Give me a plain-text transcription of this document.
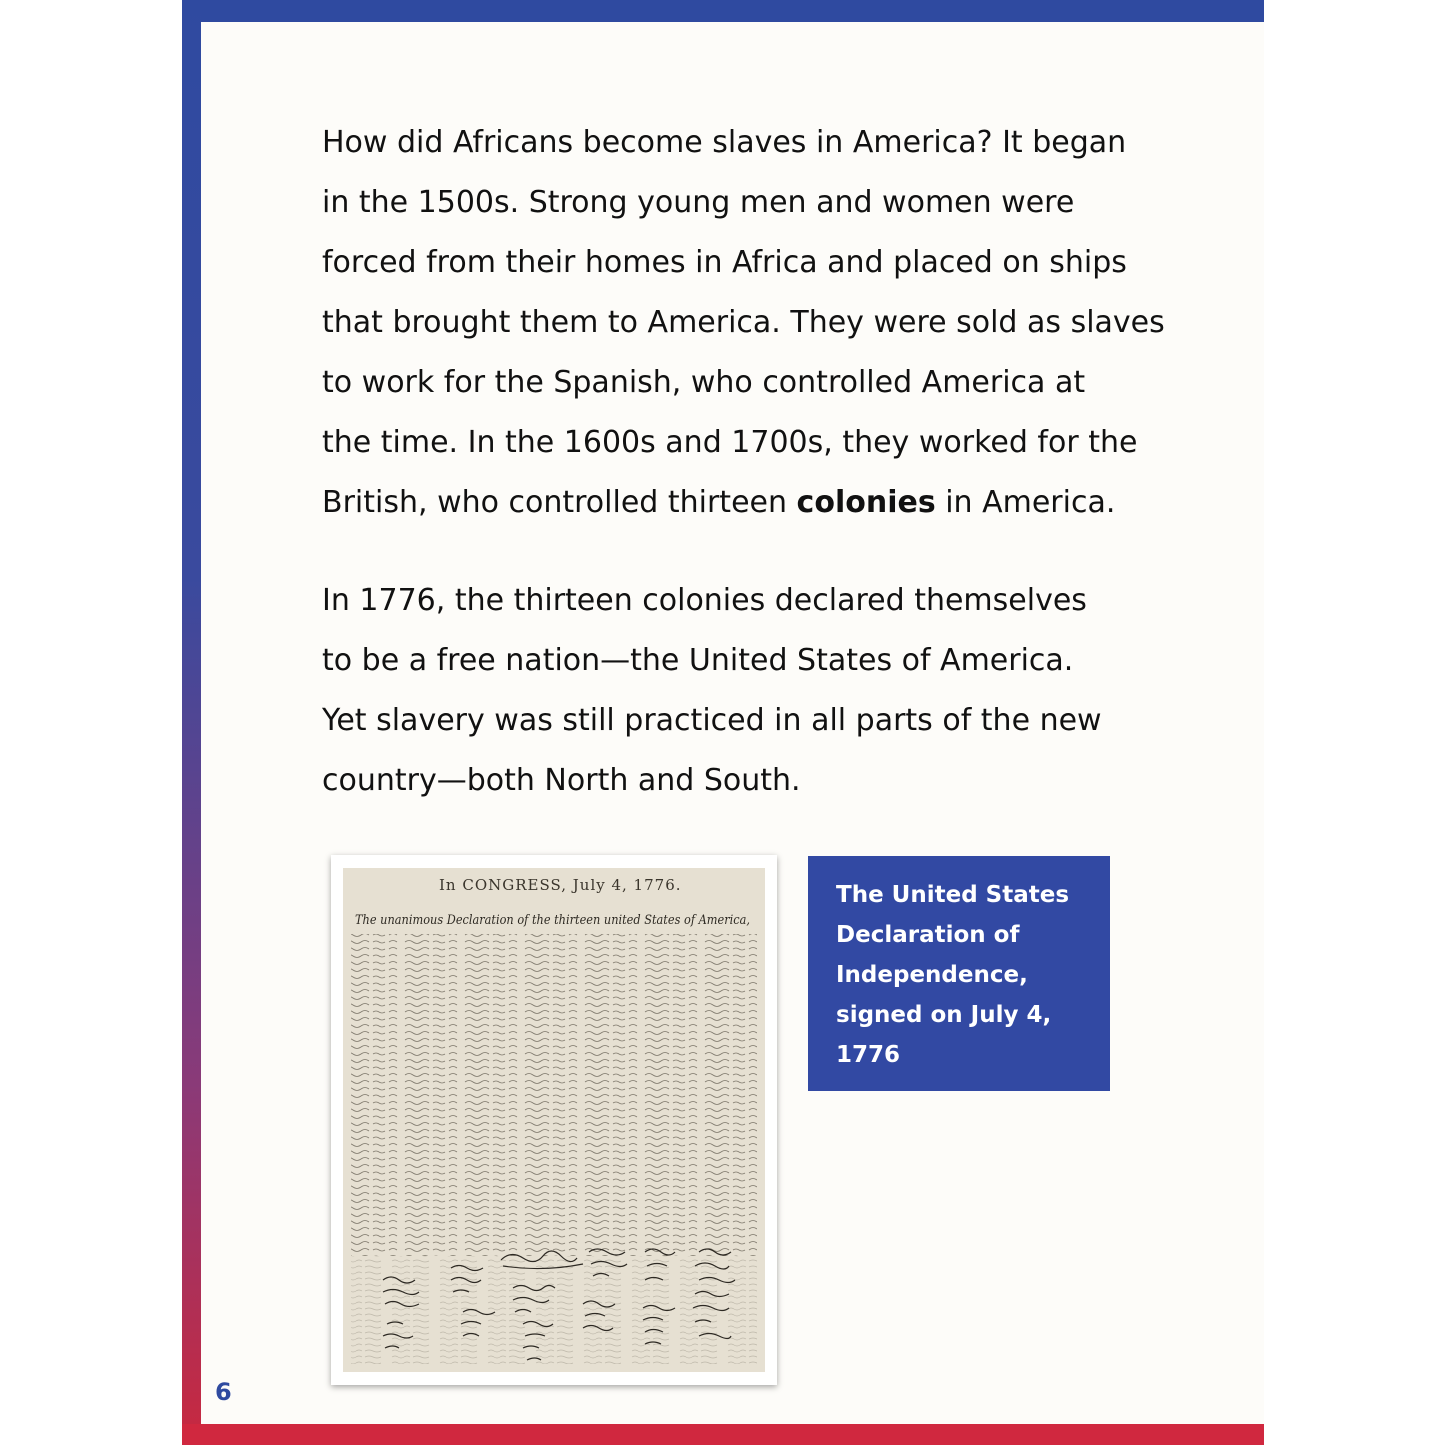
How did Africans become slaves in America? It began
in the 1500s. Strong young men and women were
forced from their homes in Africa and placed on ships
that brought them to America. They were sold as slaves
to work for the Spanish, who controlled America at
the time. In the 1600s and 1700s, they worked for the
British, who controlled thirteen colonies in America.

In 1776, the thirteen colonies declared themselves
to be a free nation—the United States of America.
Yet slavery was still practiced in all parts of the new
country—both North and South.

In CONGRESS, July 4, 1776.
The unanimous Declaration of the thirteen united States of America,
The United States
Declaration of
Independence,
signed on July 4,
1776
6
